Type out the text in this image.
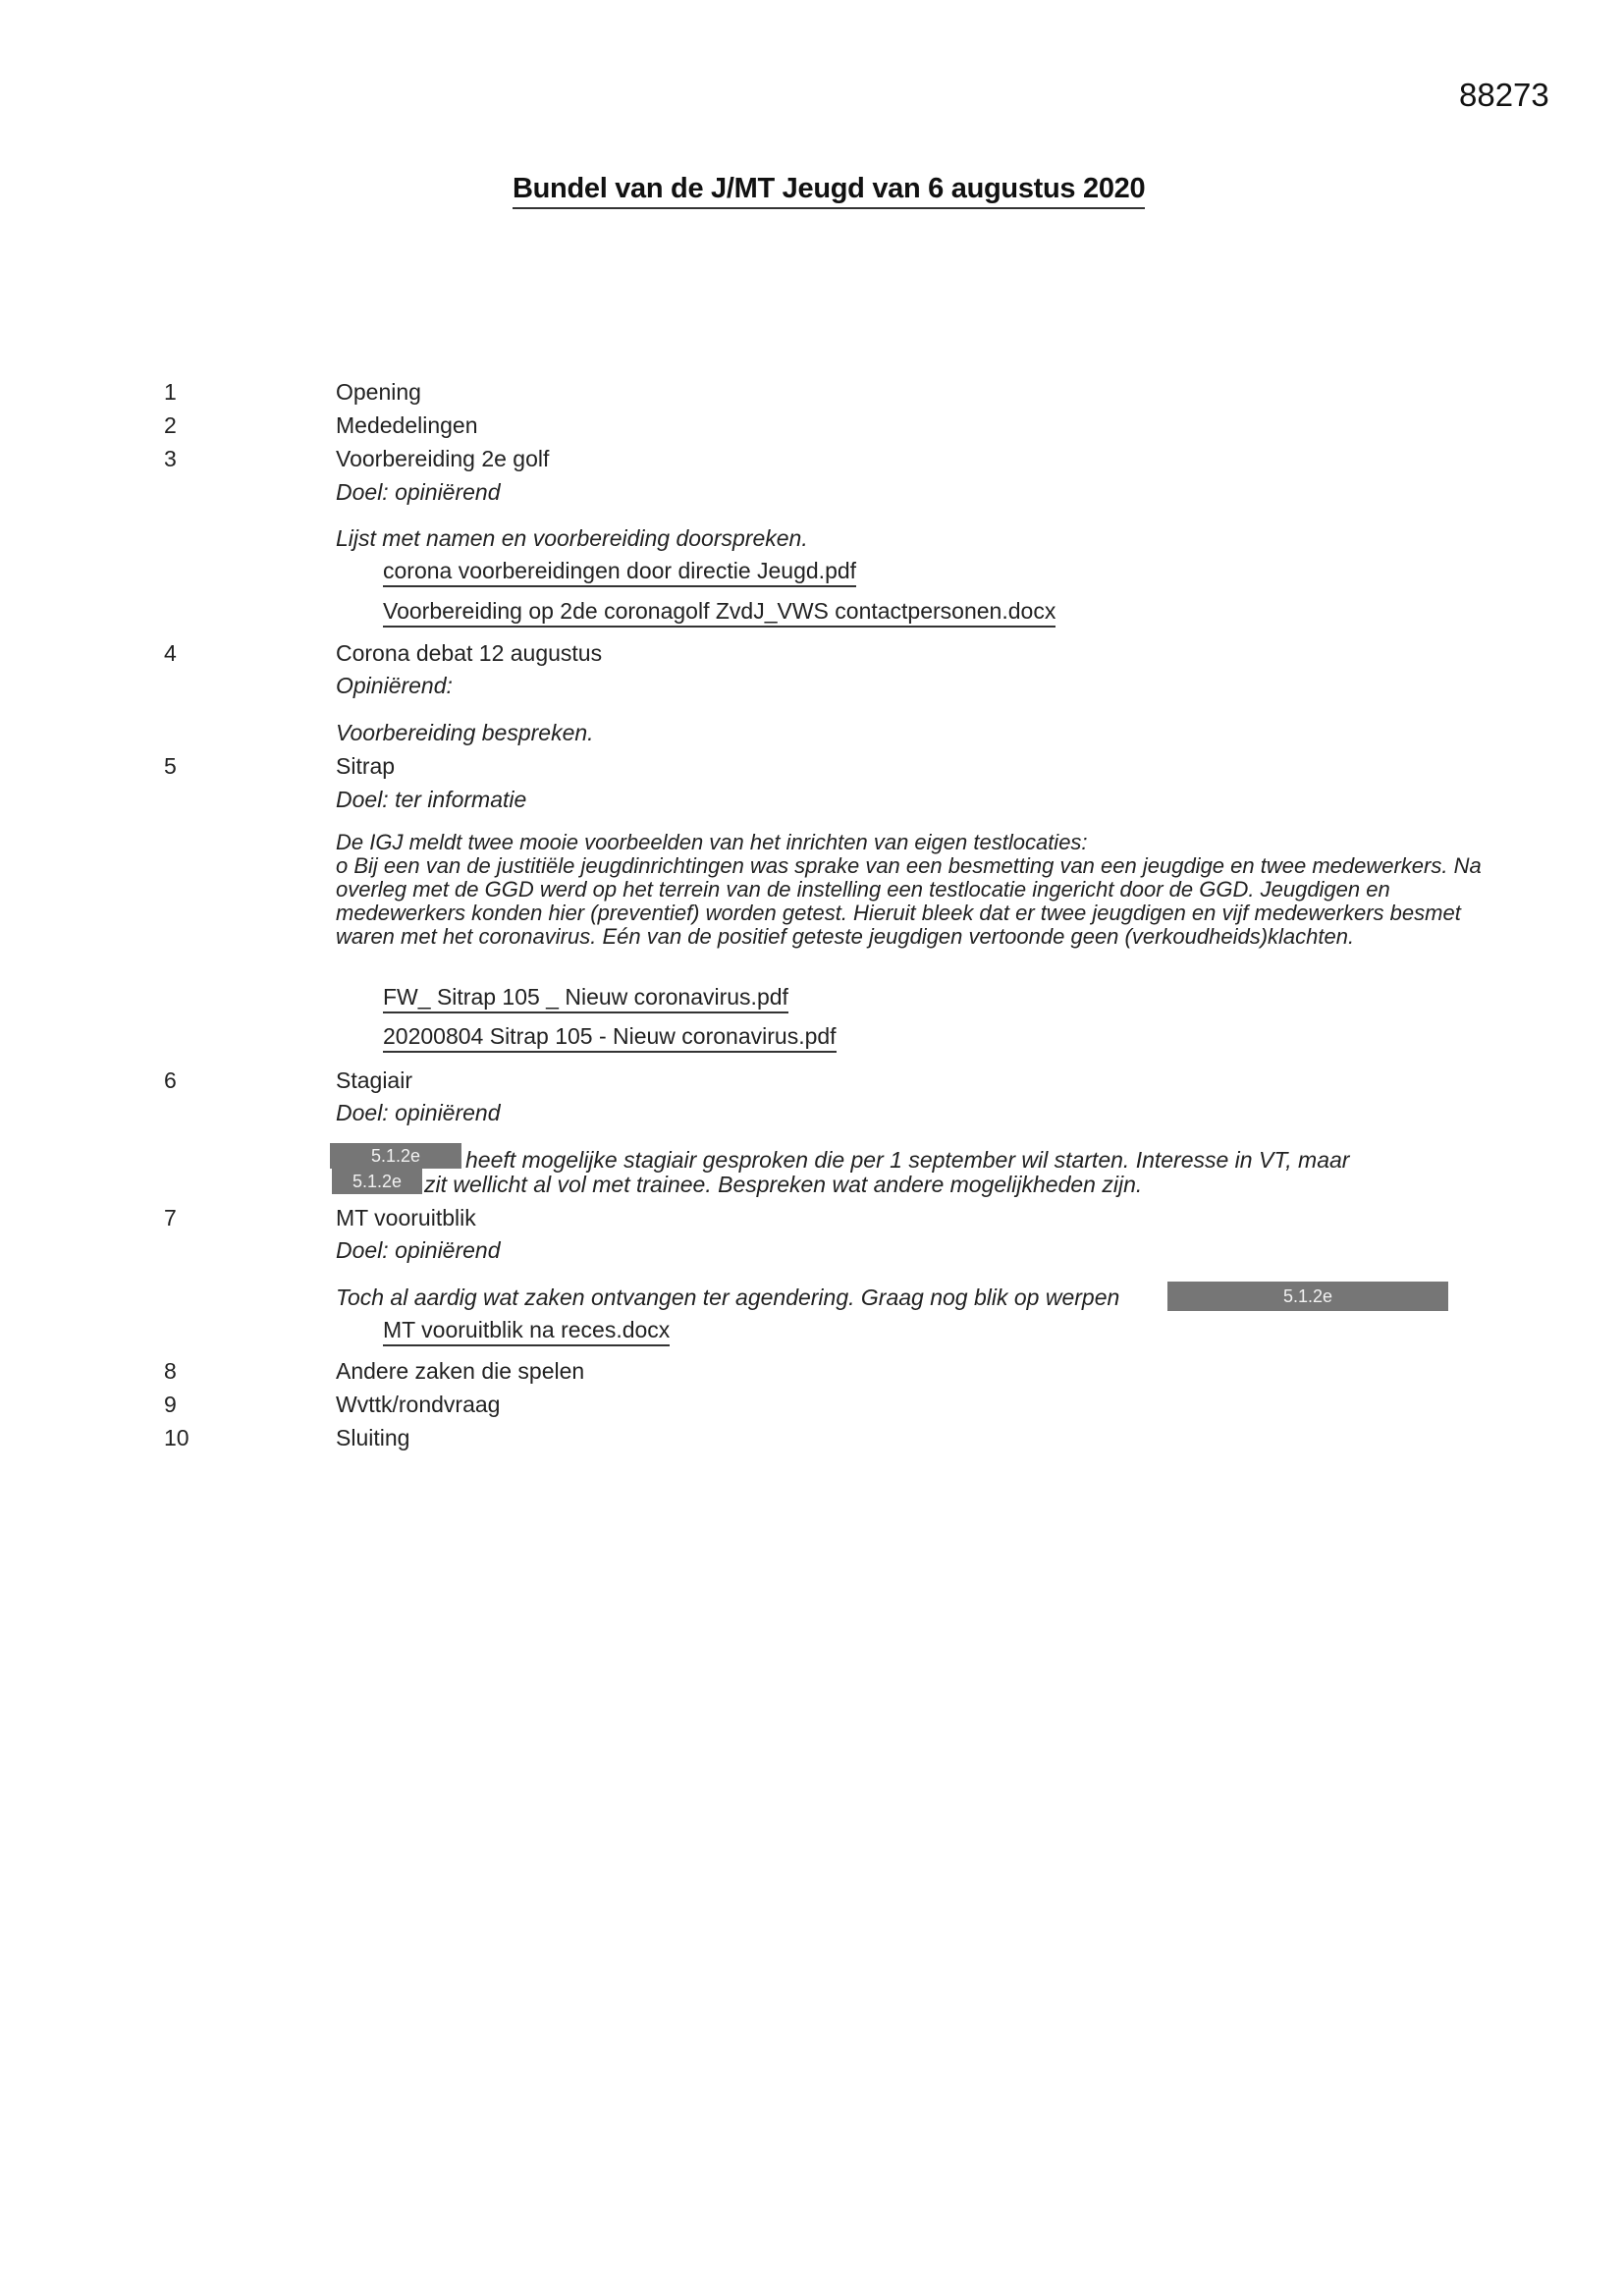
88273
Bundel van de J/MT Jeugd van 6 augustus 2020
1
2
3
4
5
6
7
8
9
10
Opening
Mededelingen
Voorbereiding 2e golf
Doel: opiniërend
Lijst met namen en voorbereiding doorspreken.
corona voorbereidingen door directie Jeugd.pdf
Voorbereiding op 2de coronagolf ZvdJ_VWS contactpersonen.docx
Corona debat 12 augustus
Opiniërend:
Voorbereiding bespreken.
Sitrap
Doel: ter informatie

De IGJ meldt twee mooie voorbeelden van het inrichten van eigen testlocaties:

o Bij een van de justitiële jeugdinrichtingen was sprake van een besmetting van een jeugdige en twee medewerkers. Na overleg met de GGD werd op het terrein van de instelling een testlocatie ingericht door de GGD. Jeugdigen en medewerkers konden hier (preventief) worden getest. Hieruit bleek dat er twee jeugdigen en vijf medewerkers besmet waren met het coronavirus. Eén van de positief geteste jeugdigen vertoonde geen (verkoudheids)klachten.

FW_ Sitrap 105 _ Nieuw coronavirus.pdf
20200804 Sitrap 105 - Nieuw coronavirus.pdf
Stagiair
Doel: opiniërend
5.1.2e	heeft mogelijke stagiair gesproken die per 1 september wil starten. Interesse in VT, maar
5.1.2e zit wellicht al vol met trainee. Bespreken wat andere mogelijkheden zijn.
MT vooruitblik
Doel: opiniërend
Toch al aardig wat zaken ontvangen ter agendering. Graag nog blik op werpen	5.1.2e
MT vooruitblik na reces.docx
Andere zaken die spelen
Wvttk/rondvraag
Sluiting
